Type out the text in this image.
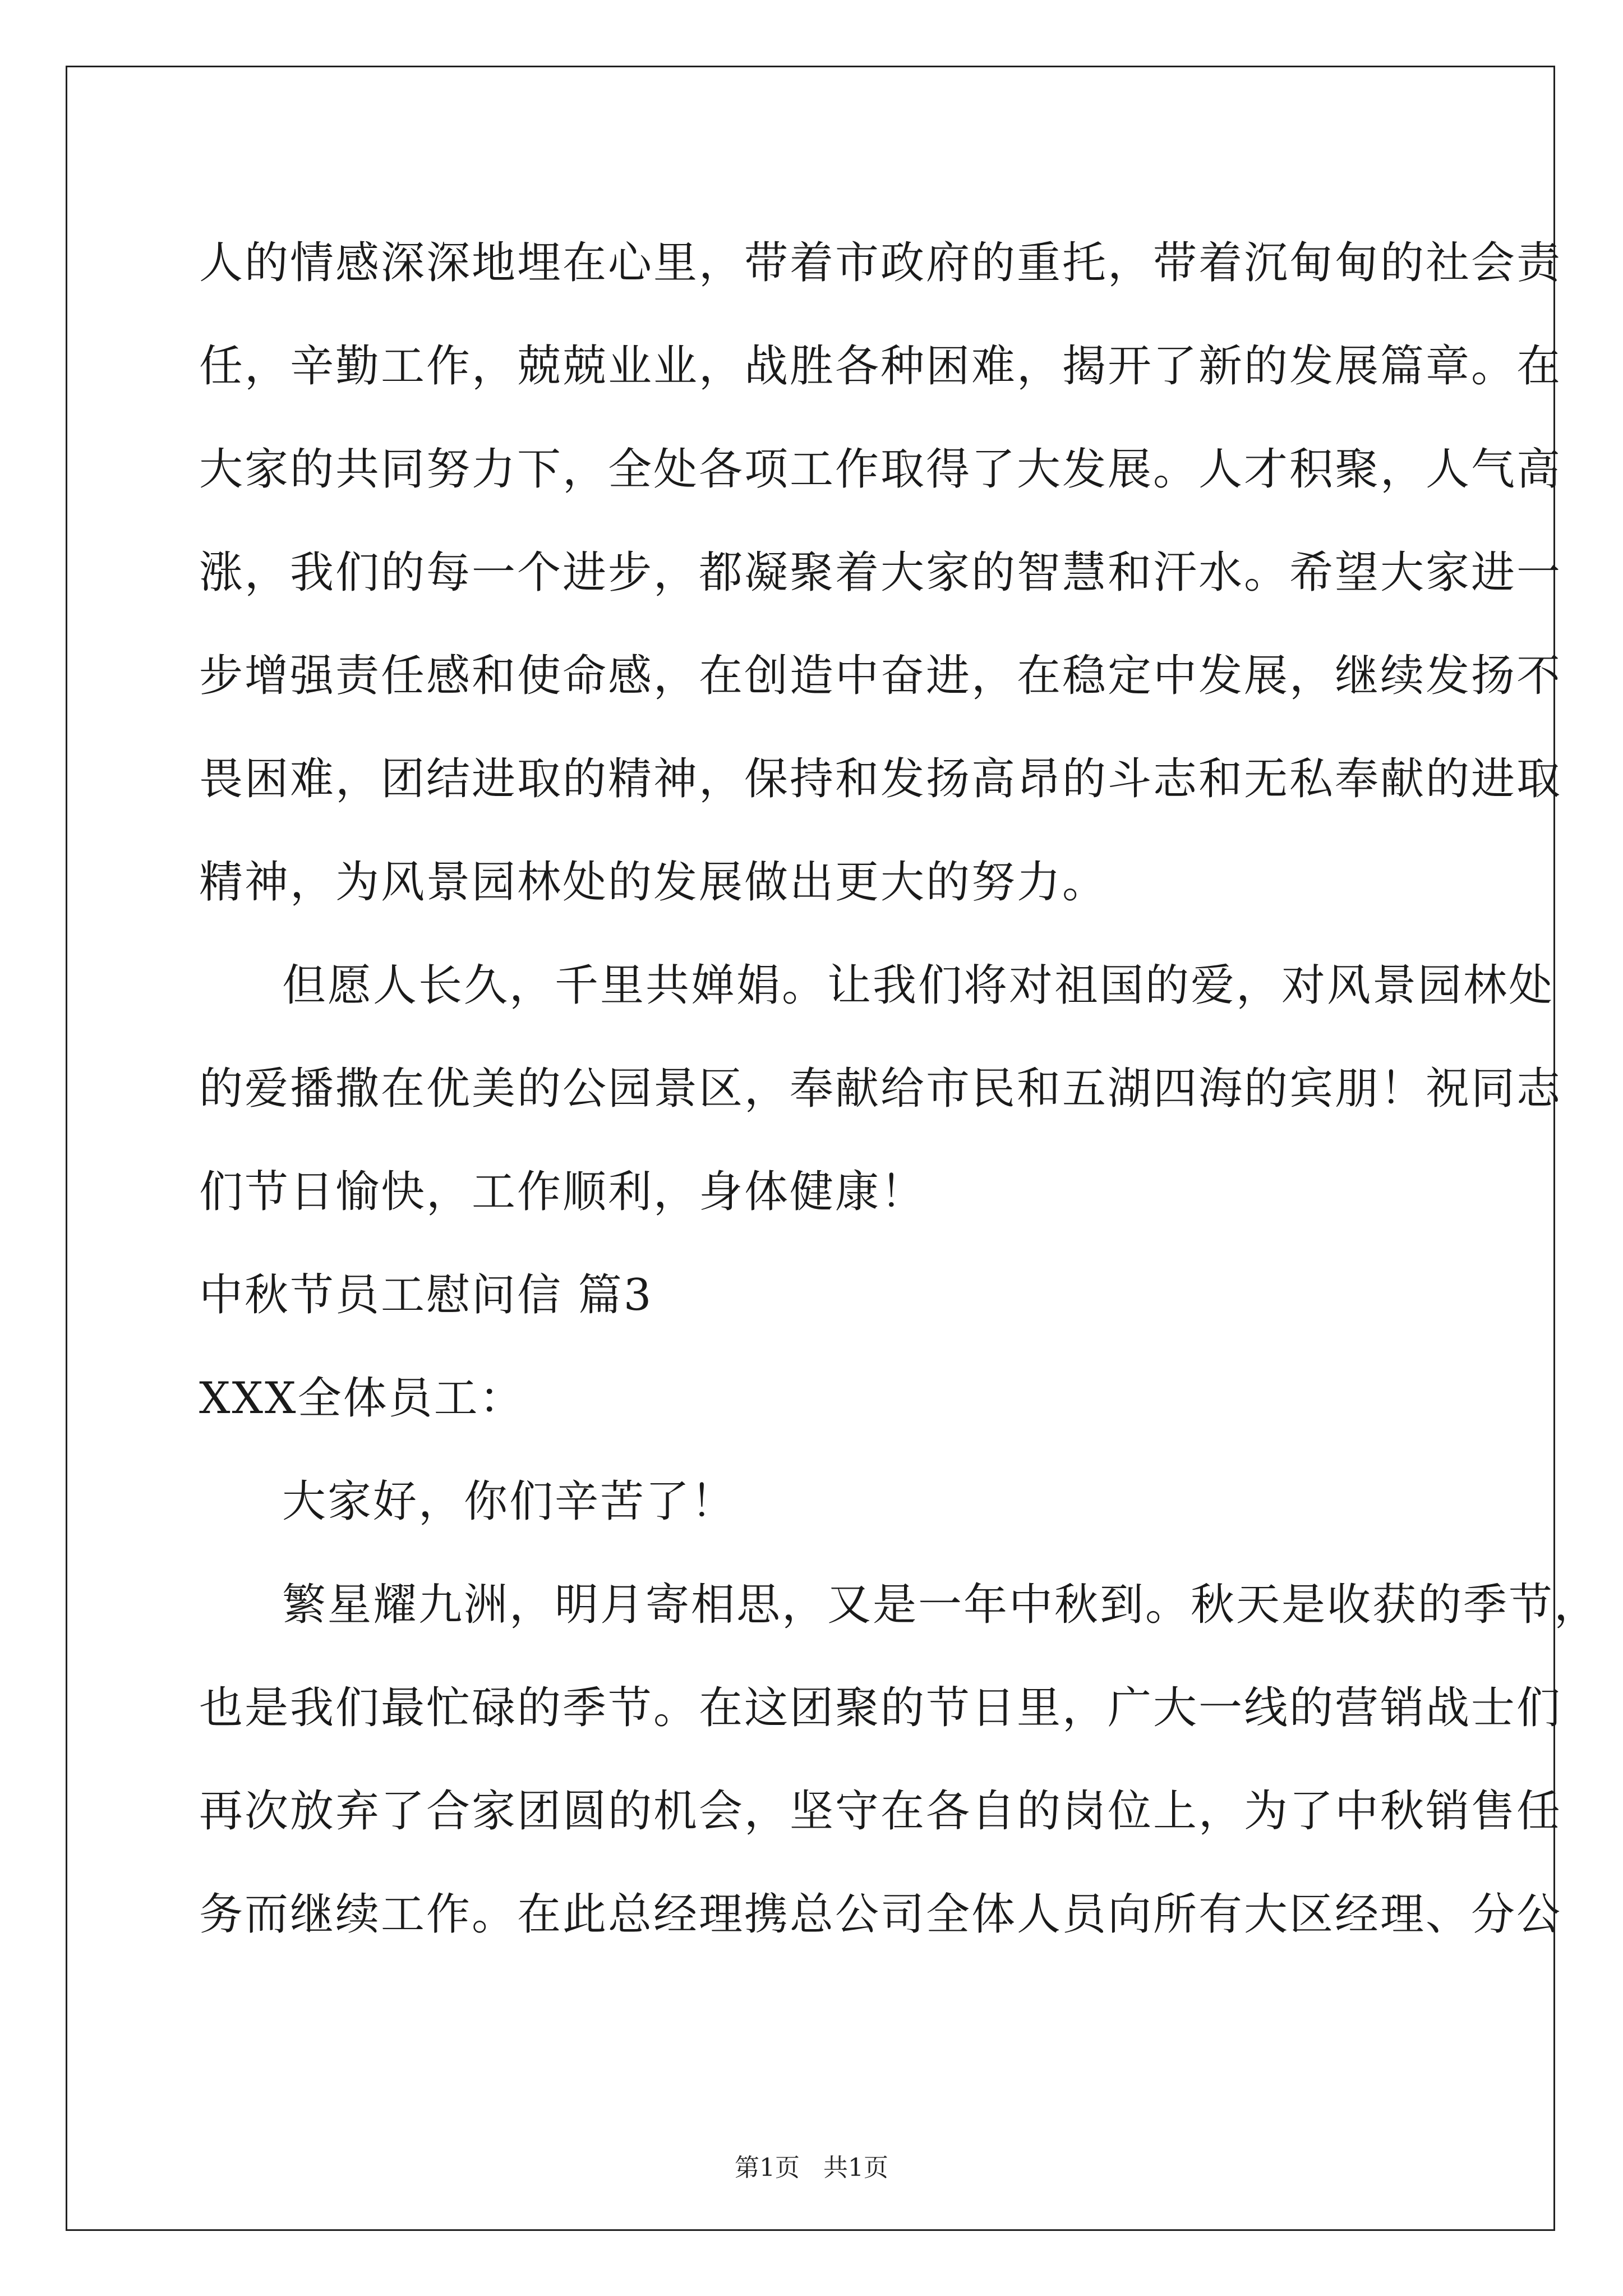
人的情感深深地埋在心里，带着市政府的重托，带着沉甸甸的社会责
任，辛勤工作，兢兢业业，战胜各种困难，揭开了新的发展篇章。在
大家的共同努力下，全处各项工作取得了大发展。人才积聚，人气高
涨，我们的每一个进步，都凝聚着大家的智慧和汗水。希望大家进一
步增强责任感和使命感，在创造中奋进，在稳定中发展，继续发扬不
畏困难，团结进取的精神，保持和发扬高昂的斗志和无私奉献的进取
精神，为风景园林处的发展做出更大的努力。
但愿人长久，千里共婵娟。让我们将对祖国的爱，对风景园林处
的爱播撒在优美的公园景区，奉献给市民和五湖四海的宾朋！祝同志
们节日愉快，工作顺利，身体健康！
中秋节员工慰问信 篇3
XXX全体员工：
大家好，你们辛苦了！
繁星耀九洲，明月寄相思，又是一年中秋到。秋天是收获的季节，
也是我们最忙碌的季节。在这团聚的节日里，广大一线的营销战士们
再次放弃了合家团圆的机会，坚守在各自的岗位上，为了中秋销售任
务而继续工作。在此总经理携总公司全体人员向所有大区经理、分公
第1页 共1页
